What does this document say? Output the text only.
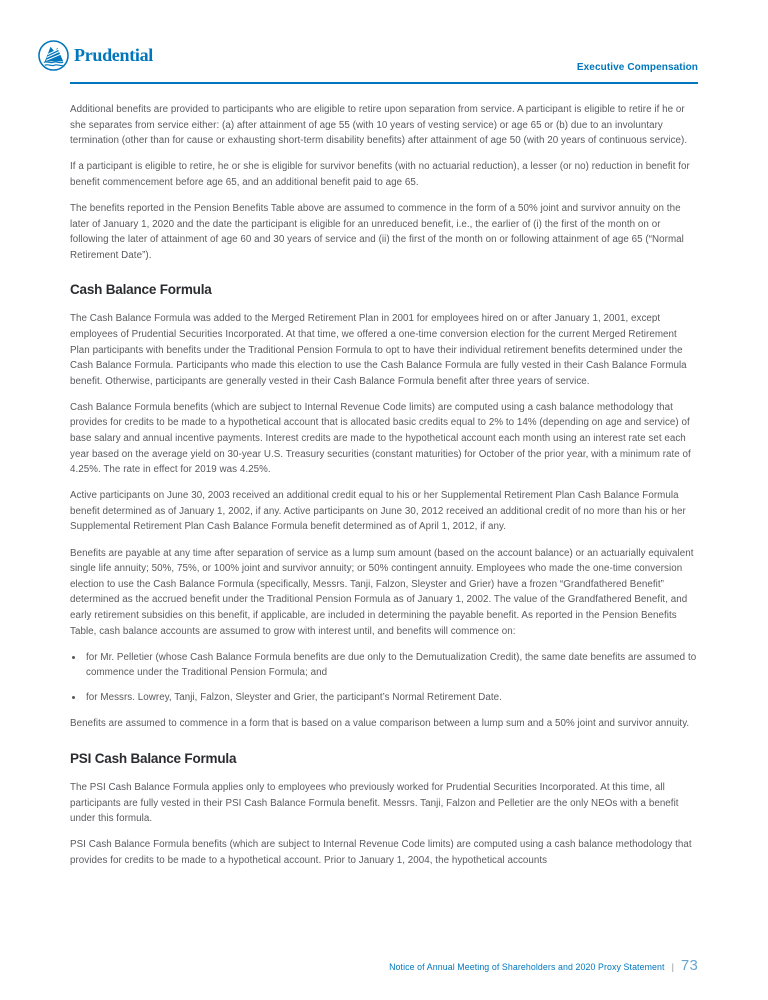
Prudential
Executive Compensation

Additional benefits are provided to participants who are eligible to retire upon separation from service. A participant is eligible to retire if he or she separates from service either: (a) after attainment of age 55 (with 10 years of vesting service) or age 65 or (b) due to an involuntary termination (other than for cause or exhausting short-term disability benefits) after attainment of age 50 (with 20 years of continuous service).

If a participant is eligible to retire, he or she is eligible for survivor benefits (with no actuarial reduction), a lesser (or no) reduction in benefit for benefit commencement before age 65, and an additional benefit paid to age 65.

The benefits reported in the Pension Benefits Table above are assumed to commence in the form of a 50% joint and survivor annuity on the later of January 1, 2020 and the date the participant is eligible for an unreduced benefit, i.e., the earlier of (i) the first of the month on or following the later of attainment of age 60 and 30 years of service and (ii) the first of the month on or following attainment of age 65 (“Normal Retirement Date”).

Cash Balance Formula

The Cash Balance Formula was added to the Merged Retirement Plan in 2001 for employees hired on or after January 1, 2001, except employees of Prudential Securities Incorporated. At that time, we offered a one-time conversion election for the current Merged Retirement Plan participants with benefits under the Traditional Pension Formula to opt to have their individual retirement benefits determined under the Cash Balance Formula. Participants who made this election to use the Cash Balance Formula are fully vested in their Cash Balance Formula benefit. Otherwise, participants are generally vested in their Cash Balance Formula benefit after three years of service.

Cash Balance Formula benefits (which are subject to Internal Revenue Code limits) are computed using a cash balance methodology that provides for credits to be made to a hypothetical account that is allocated basic credits equal to 2% to 14% (depending on age and service) of base salary and annual incentive payments. Interest credits are made to the hypothetical account each month using an interest rate set each year based on the average yield on 30-year U.S. Treasury securities (constant maturities) for October of the prior year, with a minimum rate of 4.25%. The rate in effect for 2019 was 4.25%.

Active participants on June 30, 2003 received an additional credit equal to his or her Supplemental Retirement Plan Cash Balance Formula benefit determined as of January 1, 2002, if any. Active participants on June 30, 2012 received an additional credit of no more than his or her Supplemental Retirement Plan Cash Balance Formula benefit determined as of April 1, 2012, if any.

Benefits are payable at any time after separation of service as a lump sum amount (based on the account balance) or an actuarially equivalent single life annuity; 50%, 75%, or 100% joint and survivor annuity; or 50% contingent annuity. Employees who made the one-time conversion election to use the Cash Balance Formula (specifically, Messrs. Tanji, Falzon, Sleyster and Grier) have a frozen “Grandfathered Benefit” determined as the accrued benefit under the Traditional Pension Formula as of January 1, 2002. The value of the Grandfathered Benefit, and early retirement subsidies on this benefit, if applicable, are included in determining the payable benefit. As reported in the Pension Benefits Table, cash balance accounts are assumed to grow with interest until, and benefits will commence on:

• for Mr. Pelletier (whose Cash Balance Formula benefits are due only to the Demutualization Credit), the same date benefits are assumed to commence under the Traditional Pension Formula; and
• for Messrs. Lowrey, Tanji, Falzon, Sleyster and Grier, the participant’s Normal Retirement Date.

Benefits are assumed to commence in a form that is based on a value comparison between a lump sum and a 50% joint and survivor annuity.

PSI Cash Balance Formula

The PSI Cash Balance Formula applies only to employees who previously worked for Prudential Securities Incorporated. At this time, all participants are fully vested in their PSI Cash Balance Formula benefit. Messrs. Tanji, Falzon and Pelletier are the only NEOs with a benefit under this formula.

PSI Cash Balance Formula benefits (which are subject to Internal Revenue Code limits) are computed using a cash balance methodology that provides for credits to be made to a hypothetical account. Prior to January 1, 2004, the hypothetical accounts

Notice of Annual Meeting of Shareholders and 2020 Proxy Statement | 73
